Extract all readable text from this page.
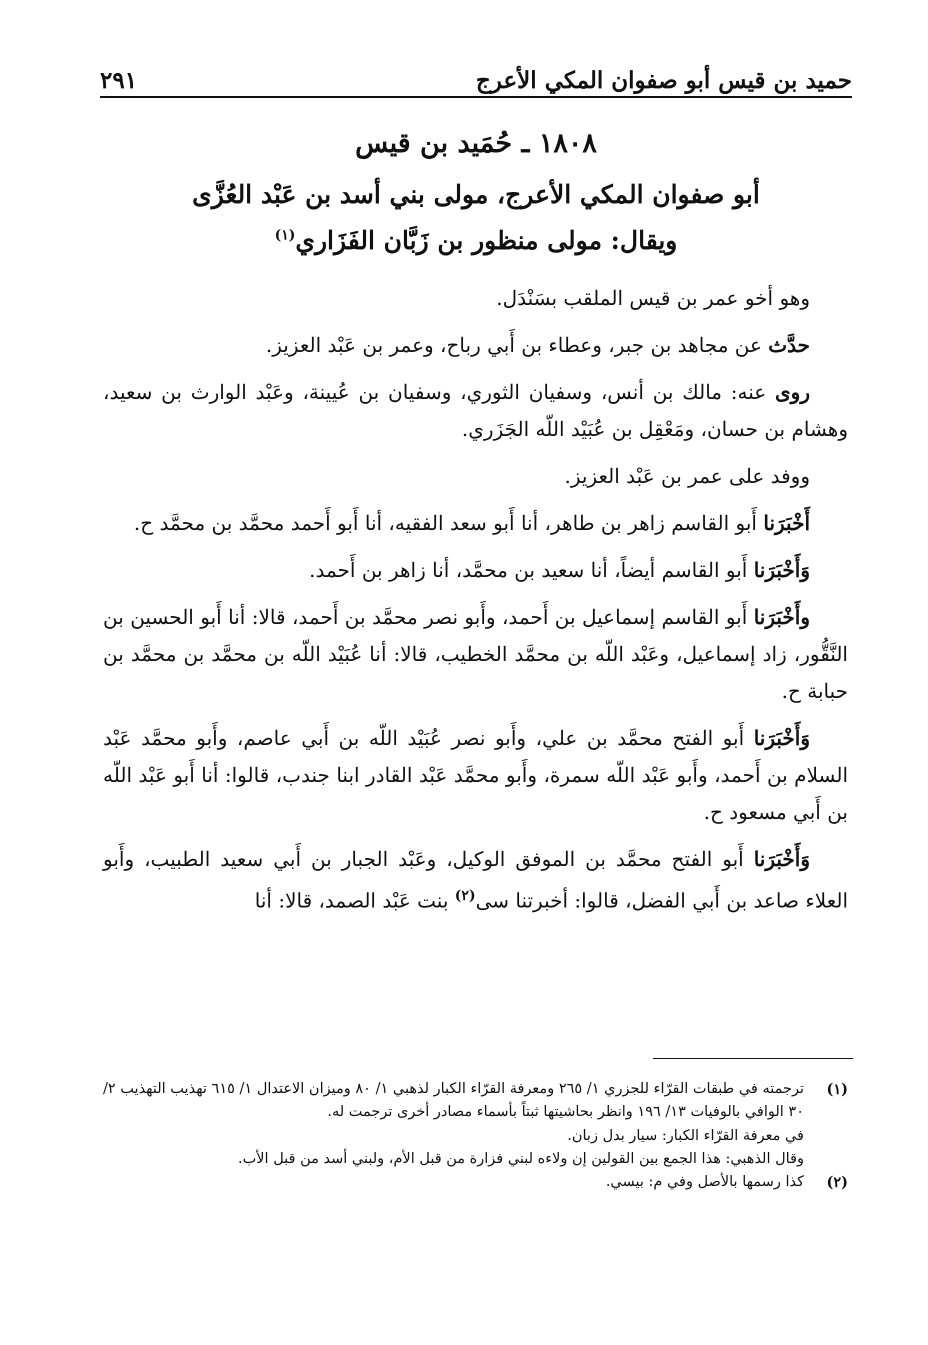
حميد بن قيس أبو صفوان المكي الأعرج
٢٩١
١٨٠٨ ـ حُمَيد بن قيس
أبو صفوان المكي الأعرج، مولى بني أسد بن عَبْد العُزَّى
ويقال: مولى منظور بن زَبَّان الفَزَاري$^{(١)}$

وهو أخو عمر بن قيس الملقب بسَنْدَل.

حدَّث عن مجاهد بن جبر، وعطاء بن أَبي رباح، وعمر بن عَبْد العزيز.

روى عنه: مالك بن أنس، وسفيان الثوري، وسفيان بن عُيينة، وعَبْد الوارث بن سعيد، وهشام بن حسان، ومَعْقِل بن عُبَيْد اللّه الجَزَري.

ووفد على عمر بن عَبْد العزيز.

أَخْبَرَنا أَبو القاسم زاهر بن طاهر، أنا أَبو سعد الفقيه، أنا أَبو أَحمد محمَّد بن محمَّد ح.

وَأَخْبَرَنا أَبو القاسم أيضاً، أنا سعيد بن محمَّد، أنا زاهر بن أَحمد.

وأَخْبَرَنا أَبو القاسم إسماعيل بن أَحمد، وأَبو نصر محمَّد بن أَحمد، قالا: أنا أَبو الحسين بن النَّقُّور، زاد إسماعيل، وعَبْد اللّه بن محمَّد الخطيب، قالا: أنا عُبَيْد اللّه بن محمَّد بن محمَّد بن حبابة ح.

وَأَخْبَرَنا أَبو الفتح محمَّد بن علي، وأَبو نصر عُبَيْد اللّه بن أَبي عاصم، وأَبو محمَّد عَبْد السلام بن أَحمد، وأَبو عَبْد اللّه سمرة، وأَبو محمَّد عَبْد القادر ابنا جندب، قالوا: أنا أَبو عَبْد اللّه بن أَبي مسعود ح.

وَأَخْبَرَنا أَبو الفتح محمَّد بن الموفق الوكيل، وعَبْد الجبار بن أَبي سعيد الطبيب، وأَبو العلاء صاعد بن أَبي الفضل، قالوا: أخبرتنا سى$^{(٢)}$ بنت عَبْد الصمد، قالا: أنا

(١)
ترجمته في طبقات القرّاء للجزري ١/ ٢٦٥ ومعرفة القرّاء الكبار لذهبي ١/ ٨٠ وميزان الاعتدال ١/ ٦١٥ تهذيب التهذيب ٢/ ٣٠ الوافي بالوفيات ١٣/ ١٩٦ وانظر بحاشيتها ثبتاً بأسماء مصادر أخرى ترجمت له.
في معرفة القرّاء الكبار: سيار بدل زبان.
وقال الذهبي: هذا الجمع بين القولين إن ولاءه لبني فزارة من قبل الأم، ولبني أسد من قبل الأب.
(٢)
كذا رسمها بالأصل وفي م: بيسي.
